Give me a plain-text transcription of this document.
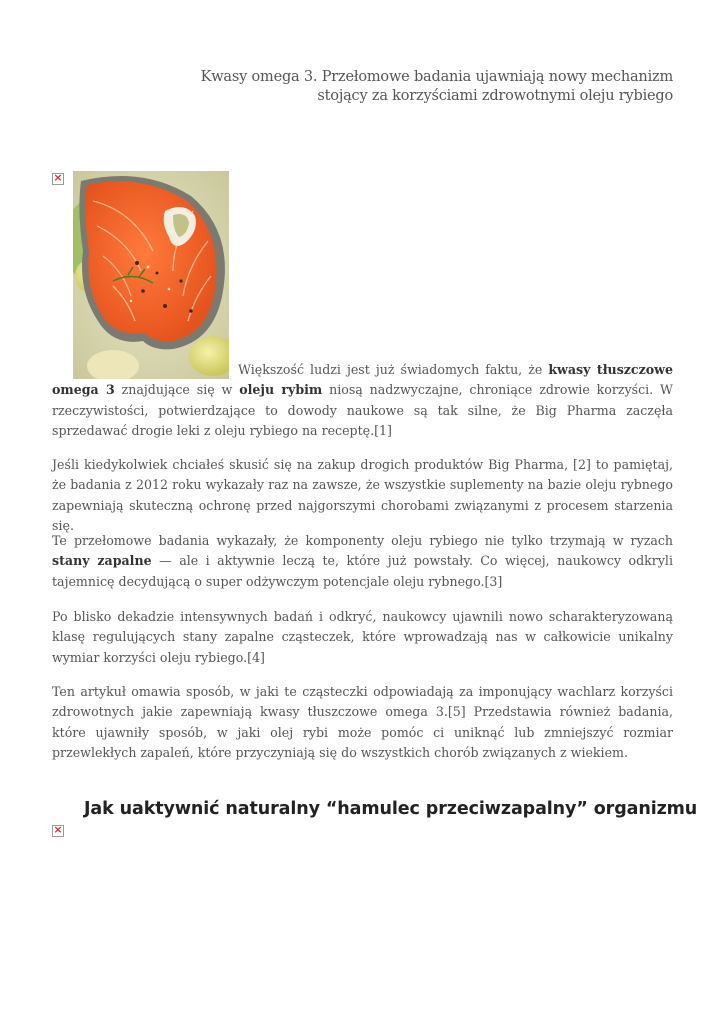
Kwasy omega 3. Przełomowe badania ujawniają nowy mechanizm stojący za korzyściami zdrowotnymi oleju rybiego
×
Większość ludzi jest już świadomych faktu, że kwasy tłuszczowe omega 3 znajdujące się w oleju rybim niosą nadzwyczajne, chroniące zdrowie korzyści. W rzeczywistości, potwierdzające to dowody naukowe są tak silne, że Big Pharma zaczęła sprzedawać drogie leki z oleju rybiego na receptę.[1]
Jeśli kiedykolwiek chciałeś skusić się na zakup drogich produktów Big Pharma, [2] to pamiętaj, że badania z 2012 roku wykazały raz na zawsze, że wszystkie suplementy na bazie oleju rybnego zapewniają skuteczną ochronę przed najgorszymi chorobami związanymi z procesem starzenia się.
Te przełomowe badania wykazały, że komponenty oleju rybiego nie tylko trzymają w ryzach stany zapalne — ale i aktywnie leczą te, które już powstały. Co więcej, naukowcy odkryli tajemnicę decydującą o super odżywczym potencjale oleju rybnego.[3]
Po blisko dekadzie intensywnych badań i odkryć, naukowcy ujawnili nowo scharakteryzowaną klasę regulujących stany zapalne cząsteczek, które wprowadzają nas w całkowicie unikalny wymiar korzyści oleju rybiego.[4]
Ten artykuł omawia sposób, w jaki te cząsteczki odpowiadają za imponujący wachlarz korzyści zdrowotnych jakie zapewniają kwasy tłuszczowe omega 3.[5] Przedstawia również badania, które ujawniły sposób, w jaki olej rybi może pomóc ci uniknąć lub zmniejszyć rozmiar przewlekłych zapaleń, które przyczyniają się do wszystkich chorób związanych z wiekiem.
Jak uaktywnić naturalny “hamulec przeciwzapalny” organizmu
×
